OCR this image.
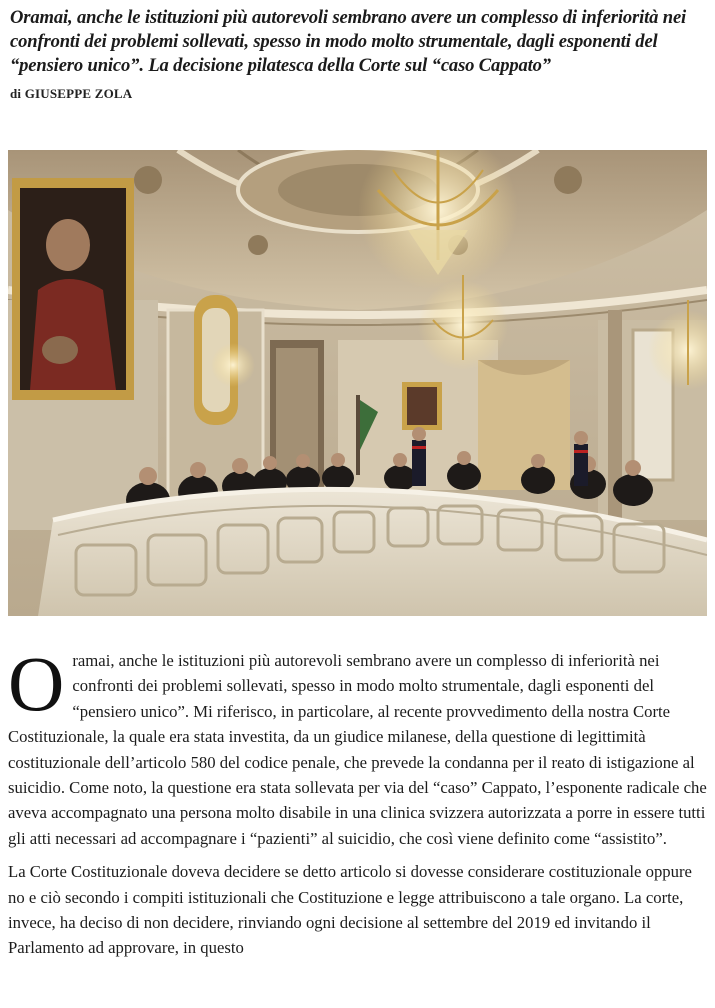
Oramai, anche le istituzioni più autorevoli sembrano avere un complesso di inferiorità nei confronti dei problemi sollevati, spesso in modo molto strumentale, dagli esponenti del “pensiero unico”. La decisione pilatesca della Corte sul “caso Cappato”

di GIUSEPPE ZOLA

Oramai, anche le istituzioni più autorevoli sembrano avere un complesso di inferiorità nei confronti dei problemi sollevati, spesso in modo molto strumentale, dagli esponenti del “pensiero unico”. Mi riferisco, in particolare, al recente provvedimento della nostra Corte Costituzionale, la quale era stata investita, da un giudice milanese, della questione di legittimità costituzionale dell’articolo 580 del codice penale, che prevede la condanna per il reato di istigazione al suicidio. Come noto, la questione era stata sollevata per via del “caso” Cappato, l’esponente radicale che aveva accompagnato una persona molto disabile in una clinica svizzera autorizzata a porre in essere tutti gli atti necessari ad accompagnare i “pazienti” al suicidio, che così viene definito come “assistito”.

La Corte Costituzionale doveva decidere se detto articolo si dovesse considerare costituzionale oppure no e ciò secondo i compiti istituzionali che Costituzione e legge attribuiscono a tale organo. La corte, invece, ha deciso di non decidere, rinviando ogni decisione al settembre del 2019 ed invitando il Parlamento ad approvare, in questo
